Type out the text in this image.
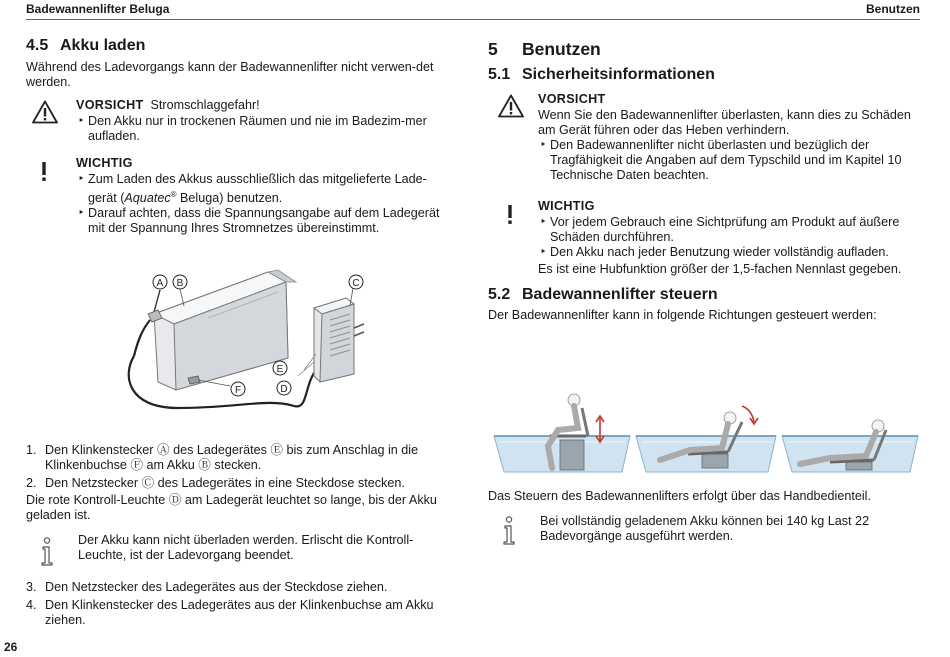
Badewannenlifter Beluga	Benutzen
4.5 Akku laden

Während des Ladevorgangs kann der Badewannenlifter nicht verwen-det werden.

VORSICHT Stromschlaggefahr!

‣ Den Akku nur in trockenen Räumen und nie im Badezim-mer aufladen.

WICHTIG

‣ Zum Laden des Akkus ausschließlich das mitgelieferte Lade-gerät (Aquatec® Beluga) benutzen.

‣ Darauf achten, dass die Spannungsangabe auf dem Ladegerät mit der Spannung Ihres Stromnetzes übereinstimmt.

A B	C
E
D
F

1. Den Klinkenstecker Ⓐ des Ladegerätes Ⓔ bis zum Anschlag in die Klinkenbuchse Ⓕ am Akku Ⓑ stecken.

2. Den Netzstecker Ⓒ des Ladegerätes in eine Steckdose stecken.

Die rote Kontroll-Leuchte Ⓓ am Ladegerät leuchtet so lange, bis der Akku geladen ist.

Der Akku kann nicht überladen werden. Erlischt die Kontroll-Leuchte, ist der Ladevorgang beendet.

3. Den Netzstecker des Ladegerätes aus der Steckdose ziehen.

4. Den Klinkenstecker des Ladegerätes aus der Klinkenbuchse am Akku ziehen.

26
5 Benutzen
5.1 Sicherheitsinformationen

VORSICHT

Wenn Sie den Badewannenlifter überlasten, kann dies zu Schäden am Gerät führen oder das Heben verhindern.

‣ Den Badewannenlifter nicht überlasten und bezüglich der Tragfähigkeit die Angaben auf dem Typschild und im Kapitel 10 Technische Daten beachten.

WICHTIG

‣ Vor jedem Gebrauch eine Sichtprüfung am Produkt auf äußere Schäden durchführen.

‣ Den Akku nach jeder Benutzung wieder vollständig aufladen.

Es ist eine Hubfunktion größer der 1,5-fachen Nennlast gegeben.

5.2 Badewannenlifter steuern

Der Badewannenlifter kann in folgende Richtungen gesteuert werden:

Das Steuern des Badewannenlifters erfolgt über das Handbedienteil.

Bei vollständig geladenem Akku können bei 140 kg Last 22 Badevorgänge ausgeführt werden.
